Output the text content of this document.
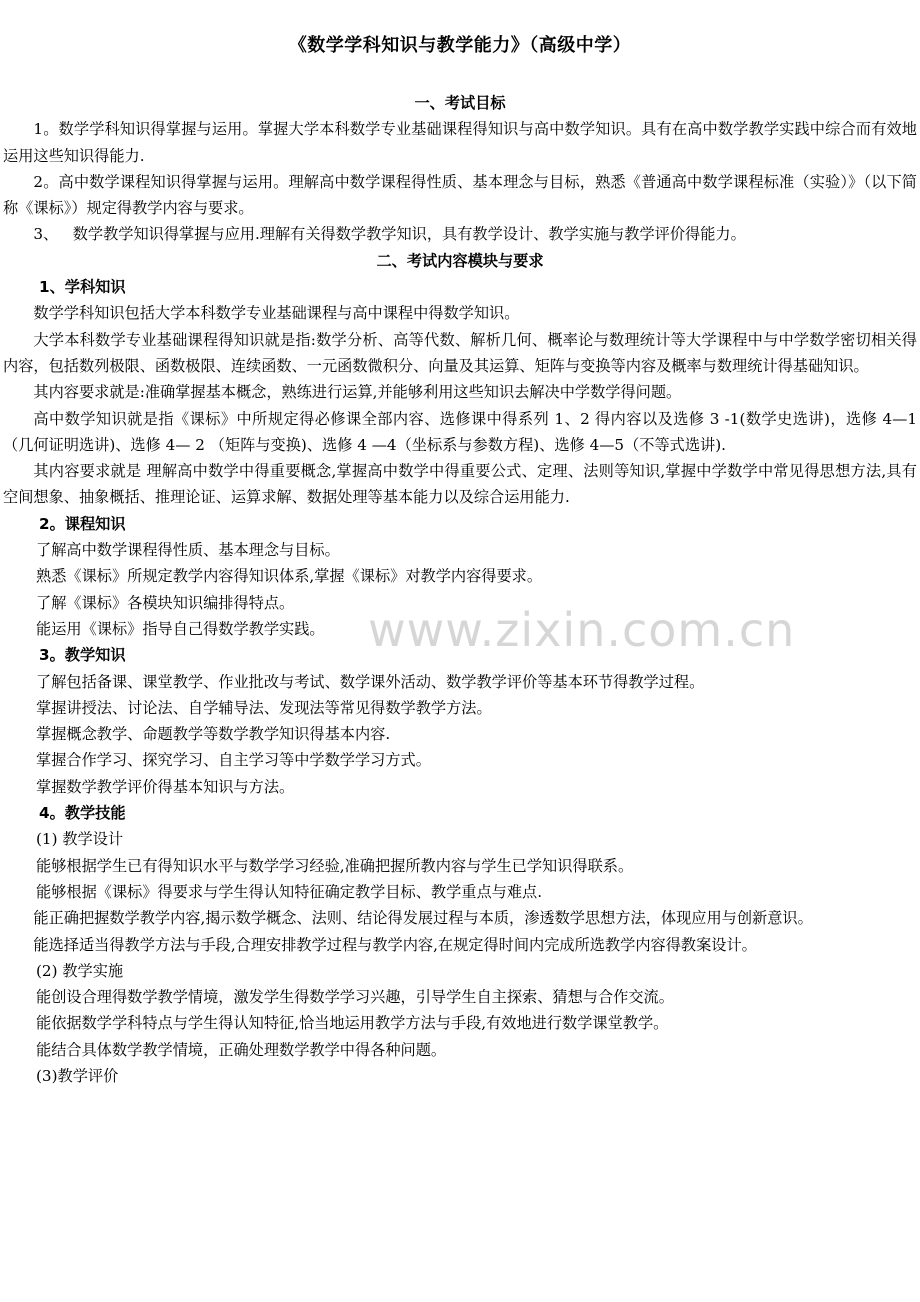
《数学学科知识与教学能力》（高级中学）
一、考试目标

1。数学学科知识得掌握与运用。掌握大学本科数学专业基础课程得知识与高中数学知识。具有在高中数学教学实践中综合而有效地运用这些知识得能力.

2。高中数学课程知识得掌握与运用。理解高中数学课程得性质、基本理念与目标，熟悉《普通高中数学课程标准（实验）》（以下简称《课标》）规定得教学内容与要求。

3、   数学教学知识得掌握与应用.理解有关得数学教学知识，具有教学设计、教学实施与教学评价得能力。

二、考试内容模块与要求
1、学科知识

数学学科知识包括大学本科数学专业基础课程与高中课程中得数学知识。

大学本科数学专业基础课程得知识就是指:数学分析、高等代数、解析几何、概率论与数理统计等大学课程中与中学数学密切相关得内容，包括数列极限、函数极限、连续函数、一元函数微积分、向量及其运算、矩阵与变换等内容及概率与数理统计得基础知识。

其内容要求就是:准确掌握基本概念，熟练进行运算,并能够利用这些知识去解决中学数学得问题。

高中数学知识就是指《课标》中所规定得必修课全部内容、选修课中得系列 1、2 得内容以及选修 3 -1(数学史选讲)，选修 4—1（几何证明选讲)、选修 4— 2 （矩阵与变换)、选修 4 —4（坐标系与参数方程)、选修 4—5（不等式选讲).

其内容要求就是 理解高中数学中得重要概念,掌握高中数学中得重要公式、定理、法则等知识,掌握中学数学中常见得思想方法,具有空间想象、抽象概括、推理论证、运算求解、数据处理等基本能力以及综合运用能力.

2。课程知识

了解高中数学课程得性质、基本理念与目标。

熟悉《课标》所规定教学内容得知识体系,掌握《课标》对教学内容得要求。

了解《课标》各模块知识编排得特点。

能运用《课标》指导自己得数学教学实践。

3。教学知识

了解包括备课、课堂教学、作业批改与考试、数学课外活动、数学教学评价等基本环节得教学过程。

掌握讲授法、讨论法、自学辅导法、发现法等常见得数学教学方法。

掌握概念教学、命题教学等数学教学知识得基本内容.

掌握合作学习、探究学习、自主学习等中学数学学习方式。

掌握数学教学评价得基本知识与方法。

4。教学技能

(1) 教学设计

能够根据学生已有得知识水平与数学学习经验,准确把握所教内容与学生已学知识得联系。

能够根据《课标》得要求与学生得认知特征确定教学目标、教学重点与难点.

能正确把握数学教学内容,揭示数学概念、法则、结论得发展过程与本质，渗透数学思想方法，体现应用与创新意识。

能选择适当得教学方法与手段,合理安排教学过程与教学内容,在规定得时间内完成所选教学内容得教案设计。

(2) 教学实施

能创设合理得数学教学情境，激发学生得数学学习兴趣，引导学生自主探索、猜想与合作交流。

能依据数学学科特点与学生得认知特征,恰当地运用教学方法与手段,有效地进行数学课堂教学。

能结合具体数学教学情境，正确处理数学教学中得各种问题。

(3)教学评价

www.zixin.com.cn
